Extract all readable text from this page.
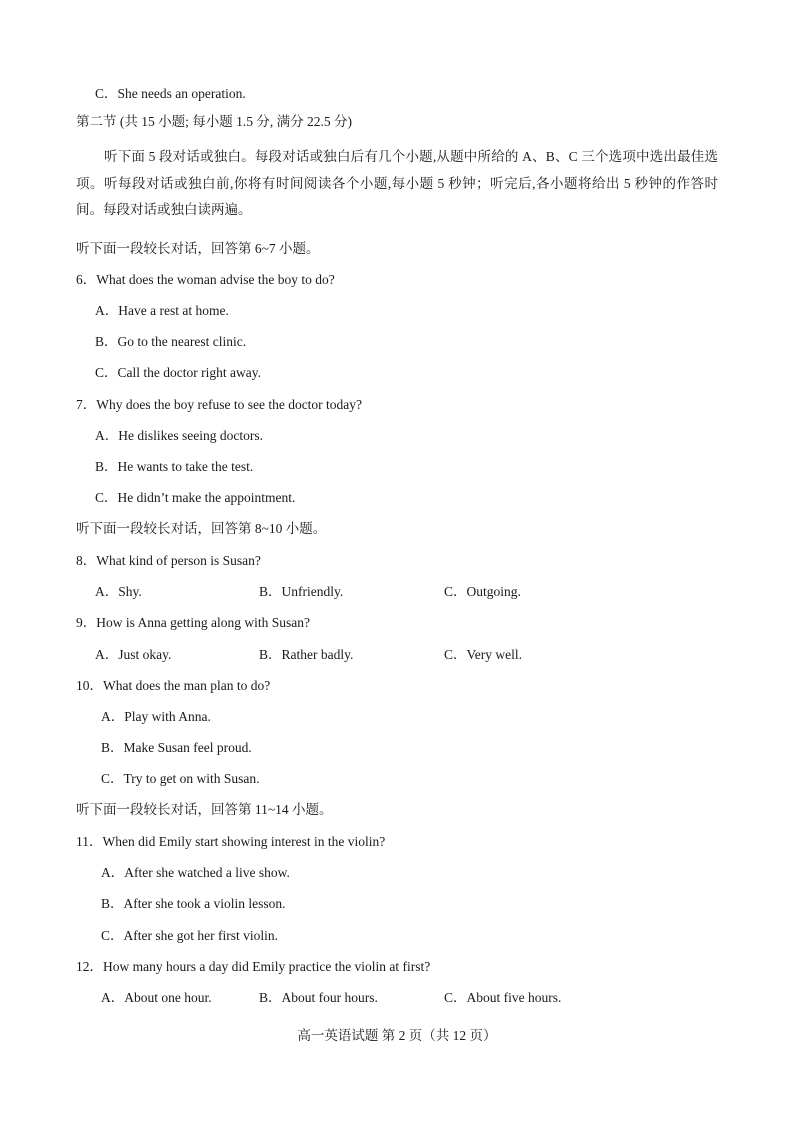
C．She needs an operation.
第二节 (共 15 小题; 每小题 1.5 分, 满分 22.5 分)
听下面 5 段对话或独白。每段对话或独白后有几个小题,从题中所给的 A、B、C 三个选项中选出最佳选项。听每段对话或独白前,你将有时间阅读各个小题,每小题 5 秒钟；听完后,各小题将给出 5 秒钟的作答时间。每段对话或独白读两遍。
听下面一段较长对话，回答第 6~7 小题。
6．What does the woman advise the boy to do?
A．Have a rest at home.
B．Go to the nearest clinic.
C．Call the doctor right away.
7．Why does the boy refuse to see the doctor today?
A．He dislikes seeing doctors.
B．He wants to take the test.
C．He didn’t make the appointment.
听下面一段较长对话，回答第 8~10 小题。
8．What kind of person is Susan?
A．Shy.	B．Unfriendly.	C．Outgoing.
9．How is Anna getting along with Susan?
A．Just okay.	B．Rather badly.	C．Very well.
10．What does the man plan to do?
A．Play with Anna.
B．Make Susan feel proud.
C．Try to get on with Susan.
听下面一段较长对话，回答第 11~14 小题。
11．When did Emily start showing interest in the violin?
A．After she watched a live show.
B．After she took a violin lesson.
C．After she got her first violin.
12．How many hours a day did Emily practice the violin at first?
A．About one hour.	B．About four hours.	C．About five hours.
高一英语试题 第 2 页（共 12 页）
